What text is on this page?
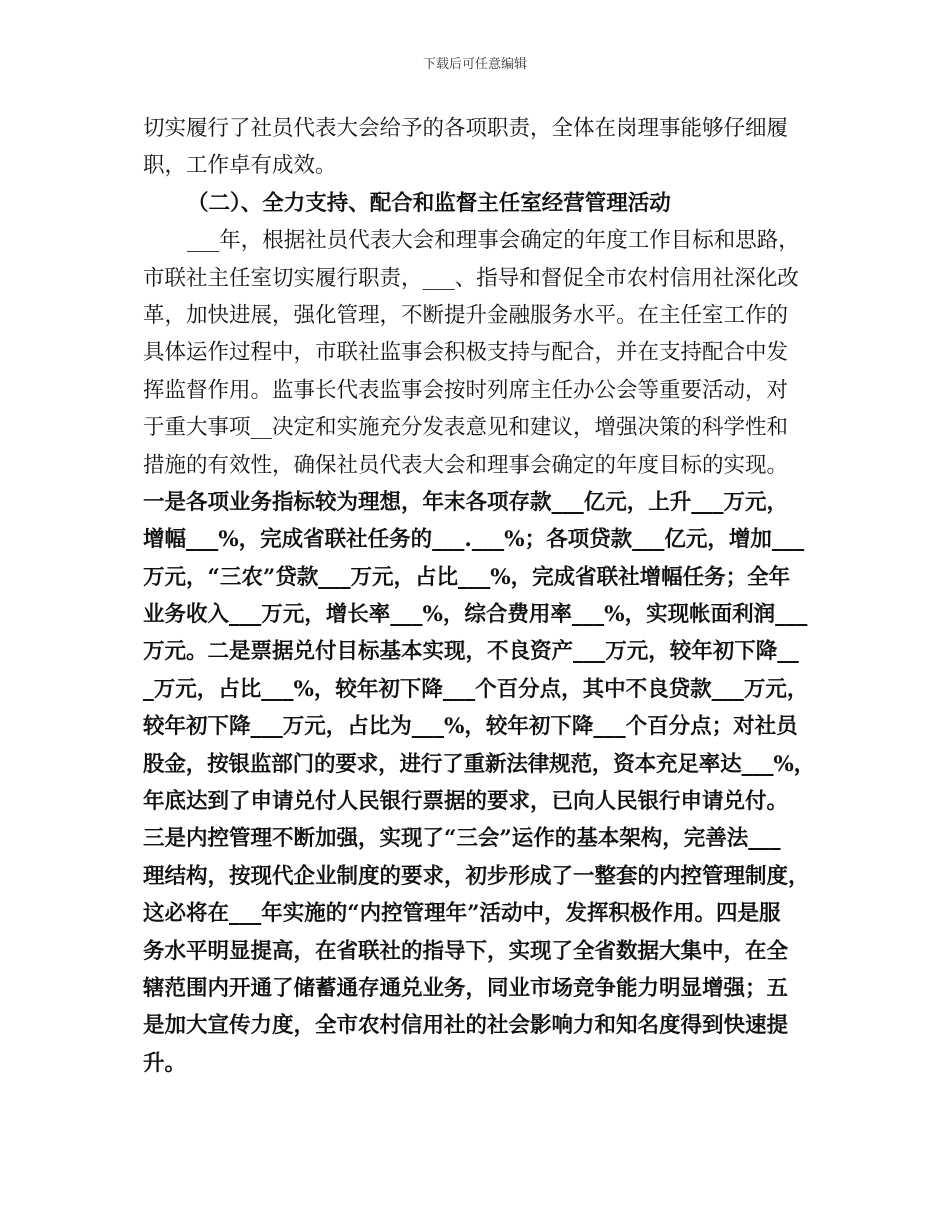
下载后可任意编辑
切实履行了社员代表大会给予的各项职责，全体在岗理事能够仔细履
职，工作卓有成效。
（二）、全力支持、配合和监督主任室经营管理活动
___年，根据社员代表大会和理事会确定的年度工作目标和思路，
市联社主任室切实履行职责，___、指导和督促全市农村信用社深化改
革，加快进展，强化管理，不断提升金融服务水平。在主任室工作的
具体运作过程中，市联社监事会积极支持与配合，并在支持配合中发
挥监督作用。监事长代表监事会按时列席主任办公会等重要活动，对
于重大事项__决定和实施充分发表意见和建议，增强决策的科学性和
措施的有效性，确保社员代表大会和理事会确定的年度目标的实现。
一是各项业务指标较为理想，年末各项存款___亿元，上升___万元，
增幅___%，完成省联社任务的___.___%；各项贷款___亿元，增加___
万元，“三农”贷款___万元，占比___%，完成省联社增幅任务；全年
业务收入___万元，增长率___%，综合费用率___%，实现帐面利润___
万元。二是票据兑付目标基本实现，不良资产___万元，较年初下降__
_万元，占比___%，较年初下降___个百分点，其中不良贷款___万元，
较年初下降___万元，占比为___%，较年初下降___个百分点；对社员
股金，按银监部门的要求，进行了重新法律规范，资本充足率达___%，
年底达到了申请兑付人民银行票据的要求，已向人民银行申请兑付。
三是内控管理不断加强，实现了“三会”运作的基本架构，完善法___
理结构，按现代企业制度的要求，初步形成了一整套的内控管理制度，
这必将在___年实施的“内控管理年”活动中，发挥积极作用。四是服
务水平明显提高，在省联社的指导下，实现了全省数据大集中，在全
辖范围内开通了储蓄通存通兑业务，同业市场竞争能力明显增强；五
是加大宣传力度，全市农村信用社的社会影响力和知名度得到快速提
升。
